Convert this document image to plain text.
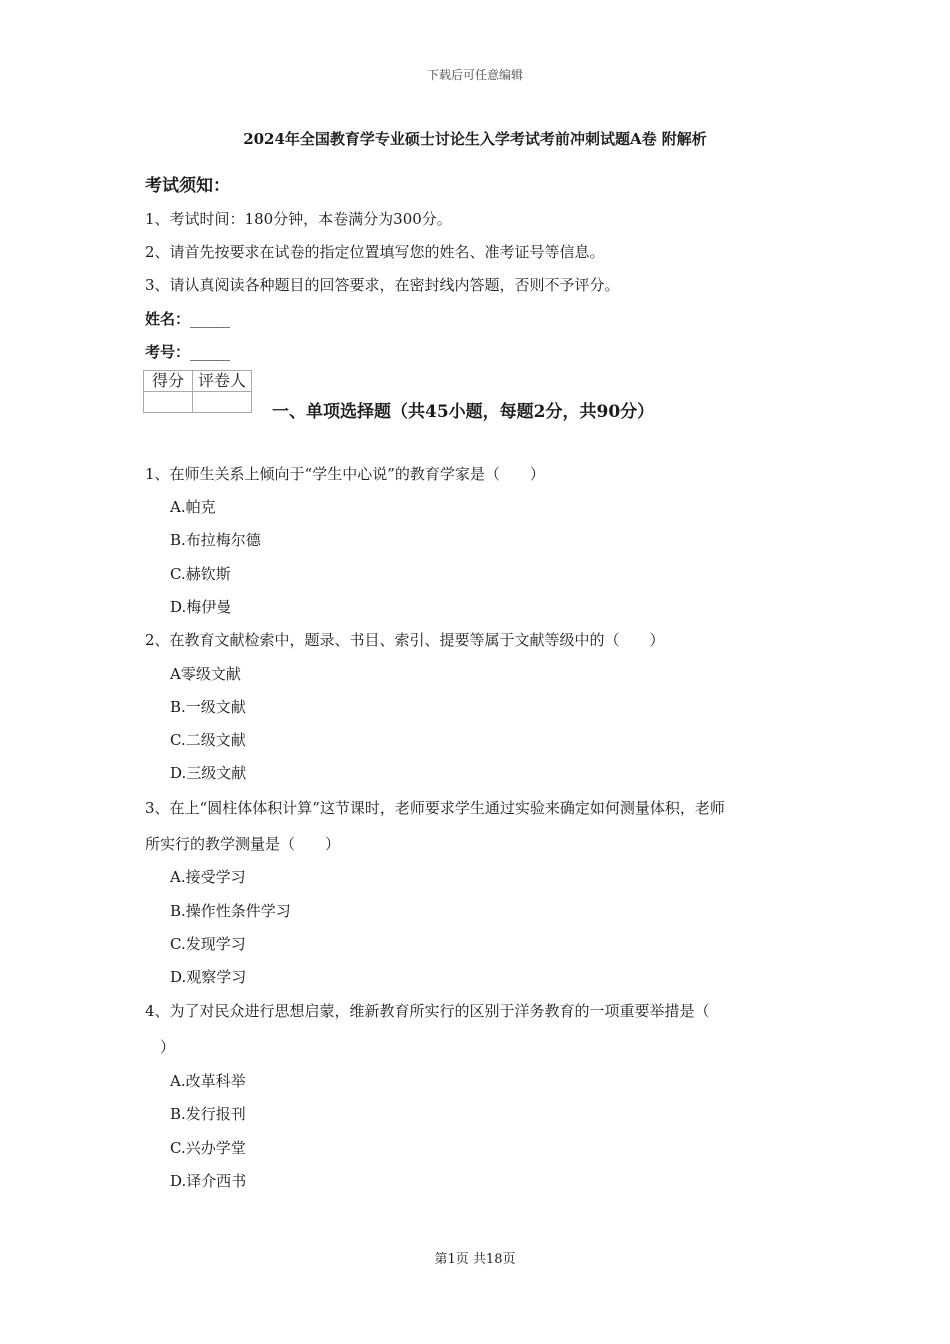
下载后可任意编辑
2024年全国教育学专业硕士讨论生入学考试考前冲刺试题A卷 附解析
考试须知：
1、考试时间：180分钟，本卷满分为300分。
2、请首先按要求在试卷的指定位置填写您的姓名、准考证号等信息。
3、请认真阅读各种题目的回答要求，在密封线内答题，否则不予评分。
姓名：______
考号：______
得分	评卷人

一、单项选择题（共45小题，每题2分，共90分）
1、在师生关系上倾向于“学生中心说”的教育学家是（　　）
A.帕克
B.布拉梅尔德
C.赫钦斯
D.梅伊曼
2、在教育文献检索中，题录、书目、索引、提要等属于文献等级中的（　　）
A零级文献
B.一级文献
C.二级文献
D.三级文献
3、在上“圆柱体体积计算”这节课时，老师要求学生通过实验来确定如何测量体积，老师
所实行的教学测量是（　　）
A.接受学习
B.操作性条件学习
C.发现学习
D.观察学习
4、为了对民众进行思想启蒙，维新教育所实行的区别于洋务教育的一项重要举措是（
　）
A.改革科举
B.发行报刊
C.兴办学堂
D.译介西书
第1页 共18页
